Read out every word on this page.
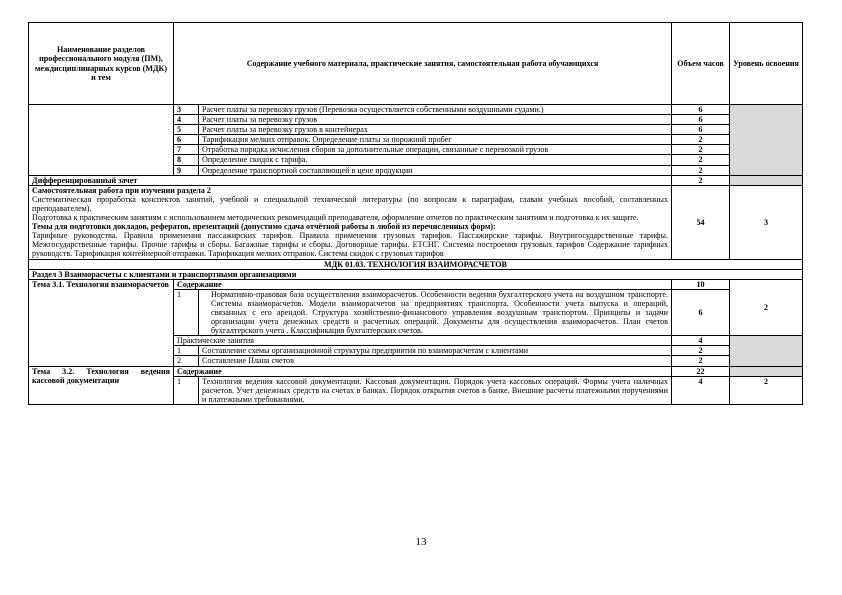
Наименование разделов профессионального модуля (ПМ), междисциплинарных курсов (МДК) и тем	Содержание учебного материала, практические занятия, самостоятельная работа обучающихся		Объем часов	Уровень освоения
	3	Расчет платы за перевозку грузов (Перевозка осуществляется собственными воздушными судами.)	6	
	4	Расчет платы за перевозку грузов	6	
	5	Расчет платы за перевозку грузов в контейнерах	6	
	6	Тарификация мелких отправок. Определение платы за порожний пробег	2	
	7	Отработка порядка исчисления сборов за дополнительные операции, связанные с перевозкой грузов	2	
	8	Определение скидок с тарифа.	2	
	9	Определение транспортной составляющей в цене продукции	2	
Дифференцированный зачет			2	

Самостоятельная работа при изучении раздела 2
Систематическая проработка конспектов занятий, учебной и специальной технической литературы (по вопросам к параграфам, главам учебных пособий, составленных преподавателем).
Подготовка к практическим занятиям с использованием методических рекомендаций преподавателя, оформление отчетов по практическим занятиям и подготовка к их защите.
Темы для подготовки докладов, рефератов, презентаций (допустимо сдача отчётной работы в любой из перечисленных форм):
Тарифные руководства. Правила применения пассажирских тарифов. Правила применения грузовых тарифов. Пассажирские тарифы. Внутригосударственные тарифы. Межгосударственные тарифы. Прочие тарифы и сборы. Багажные тарифы и сборы. Договорные тарифы. ЕТСНГ. Системы построения грузовых тарифов Содержание тарифных руководств. Тарификация контейнерной отправки. Тарификация мелких отправок. Система скидок с грузовых тарифов			54	3
МДК 01.03. ТЕХНОЛОГИЯ ВЗАИМОРАСЧЕТОВ				
Раздел 3 Взаиморасчеты с клиентами и транспортными организациями				
Тема 3.1. Технология взаиморасчетов	Содержание		10	2
	1	Нормативно-правовая база осуществления взаиморасчетов. Особенности ведения бухгалтерского учета на воздушном транспорте. Системы взаиморасчетов. Модели взаиморасчетов на предприятиях транспорта. Особенности учета выпуска и операций, связанных с его арендой. Структура хозяйственно-финансового управления воздушным транспортом. Принципы и задачи организации учета денежных средств и расчетных операций. Документы для осуществления взаиморасчетов. План счетов бухгалтерского учета . Классификация бухгалтерских счетов.	6	
	Практические занятия		4	
	1	Составление схемы организационной структуры предприятия по взаиморасчетам с клиентами	2	
	2	Составление Плана счетов	2	
Тема 3.2. Технология ведения кассовой документации	Содержание		22	
	1	Технология ведения кассовой документации. Кассовая документация. Порядок учета кассовых операций. Формы учета наличных расчетов. Учет денежных средств на счетах в банках. Порядок открытия счетов в банке. Внешние расчеты платежными поручениями и платежными требованиями.	4	2
13
